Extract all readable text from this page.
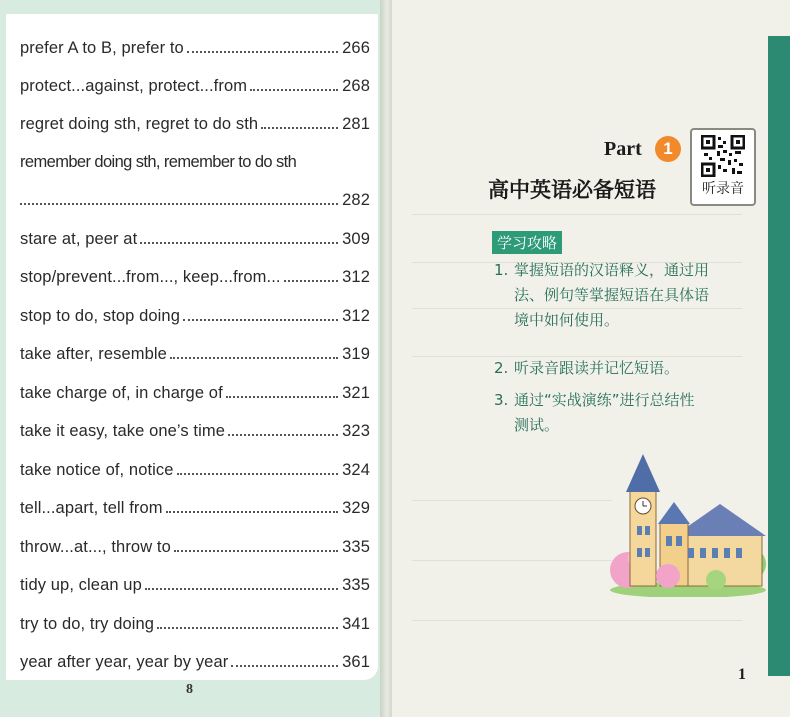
prefer A to B, prefer to	266
protect...against, protect...from	268
regret doing sth, regret to do sth	281
remember doing sth, remember to do sth
282
stare at, peer at	309
stop/prevent...from..., keep...from...	312
stop to do, stop doing	312
take after, resemble	319
take charge of, in charge of	321
take it easy, take one’s time	323
take notice of, notice	324
tell...apart, tell from	329
throw...at..., throw to	335
tidy up, clean up	335
try to do, try doing	341
year after year, year by year	361
8
Part	1
高中英语必备短语	听录音
学习攻略
1. 掌握短语的汉语释义，通过用
法、例句等掌握短语在具体语
境中如何使用。
2. 听录音跟读并记忆短语。
3. 通过“实战演练”进行总结性
测试。
1
